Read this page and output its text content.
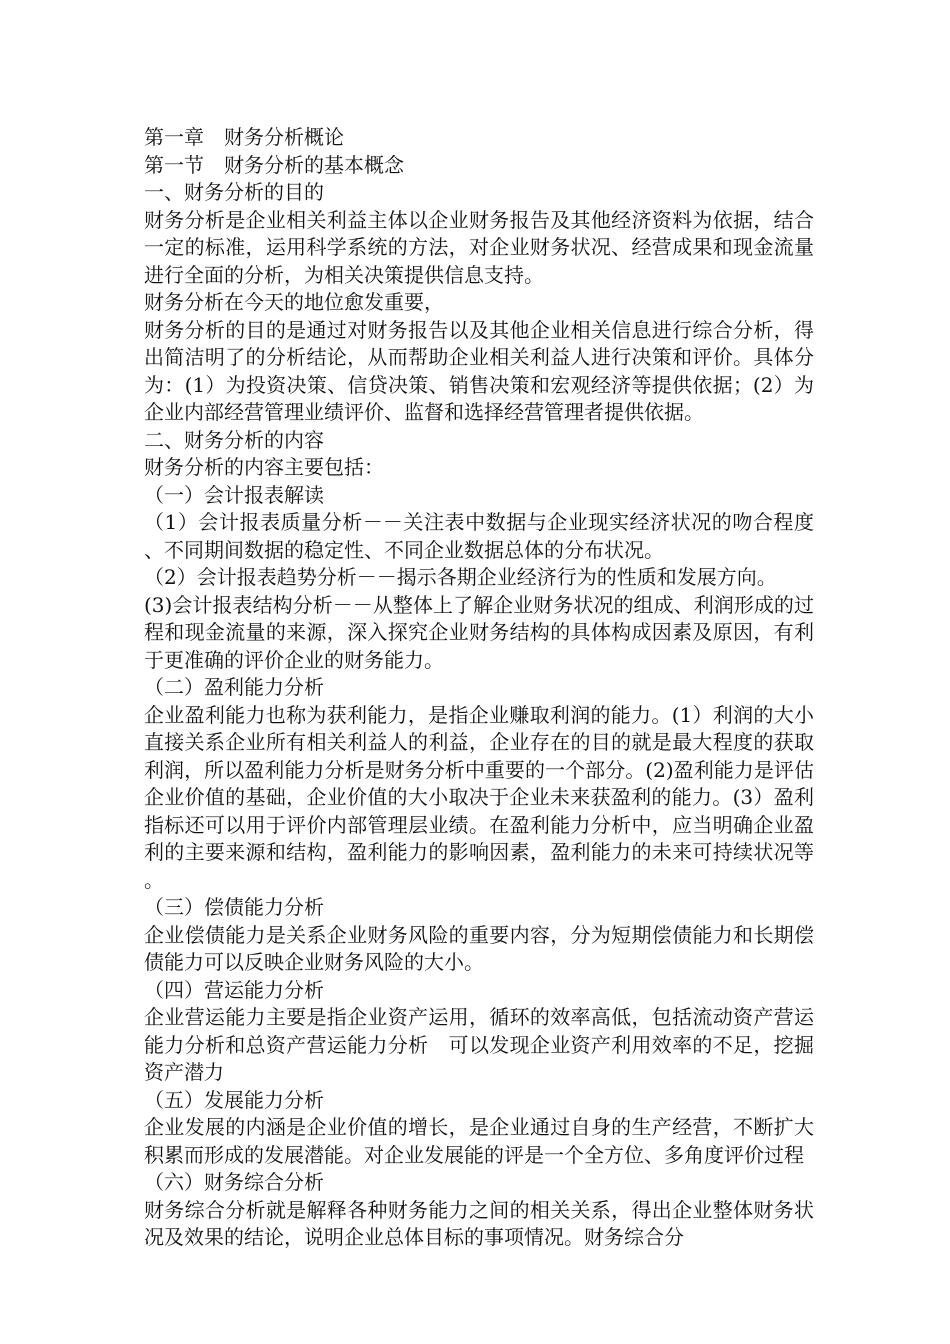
第一章　财务分析概论

第一节　财务分析的基本概念

一、财务分析的目的

财务分析是企业相关利益主体以企业财务报告及其他经济资料为依据，结合一定的标准，运用科学系统的方法，对企业财务状况、经营成果和现金流量进行全面的分析，为相关决策提供信息支持。

财务分析在今天的地位愈发重要，

财务分析的目的是通过对财务报告以及其他企业相关信息进行综合分析，得出简洁明了的分析结论，从而帮助企业相关利益人进行决策和评价。具体分为：(1）为投资决策、信贷决策、销售决策和宏观经济等提供依据；(2）为企业内部经营管理业绩评价、监督和选择经营管理者提供依据。

二、财务分析的内容

财务分析的内容主要包括：

（一）会计报表解读

（1）会计报表质量分析－－关注表中数据与企业现实经济状况的吻合程度、不同期间数据的稳定性、不同企业数据总体的分布状况。

（2）会计报表趋势分析－－揭示各期企业经济行为的性质和发展方向。

(3)会计报表结构分析－－从整体上了解企业财务状况的组成、利润形成的过程和现金流量的来源，深入探究企业财务结构的具体构成因素及原因，有利于更准确的评价企业的财务能力。

（二）盈利能力分析

企业盈利能力也称为获利能力，是指企业赚取利润的能力。(1）利润的大小直接关系企业所有相关利益人的利益，企业存在的目的就是最大程度的获取利润，所以盈利能力分析是财务分析中重要的一个部分。(2)盈利能力是评估企业价值的基础，企业价值的大小取决于企业未来获盈利的能力。(3）盈利指标还可以用于评价内部管理层业绩。在盈利能力分析中，应当明确企业盈利的主要来源和结构，盈利能力的影响因素，盈利能力的未来可持续状况等。

（三）偿债能力分析

企业偿债能力是关系企业财务风险的重要内容，分为短期偿债能力和长期偿债能力可以反映企业财务风险的大小。

（四）营运能力分析

企业营运能力主要是指企业资产运用，循环的效率高低，包括流动资产营运能力分析和总资产营运能力分析　可以发现企业资产利用效率的不足，挖掘资产潜力

（五）发展能力分析

企业发展的内涵是企业价值的增长，是企业通过自身的生产经营，不断扩大积累而形成的发展潜能。对企业发展能的评是一个全方位、多角度评价过程

（六）财务综合分析

财务综合分析就是解释各种财务能力之间的相关关系，得出企业整体财务状况及效果的结论，说明企业总体目标的事项情况。财务综合分
